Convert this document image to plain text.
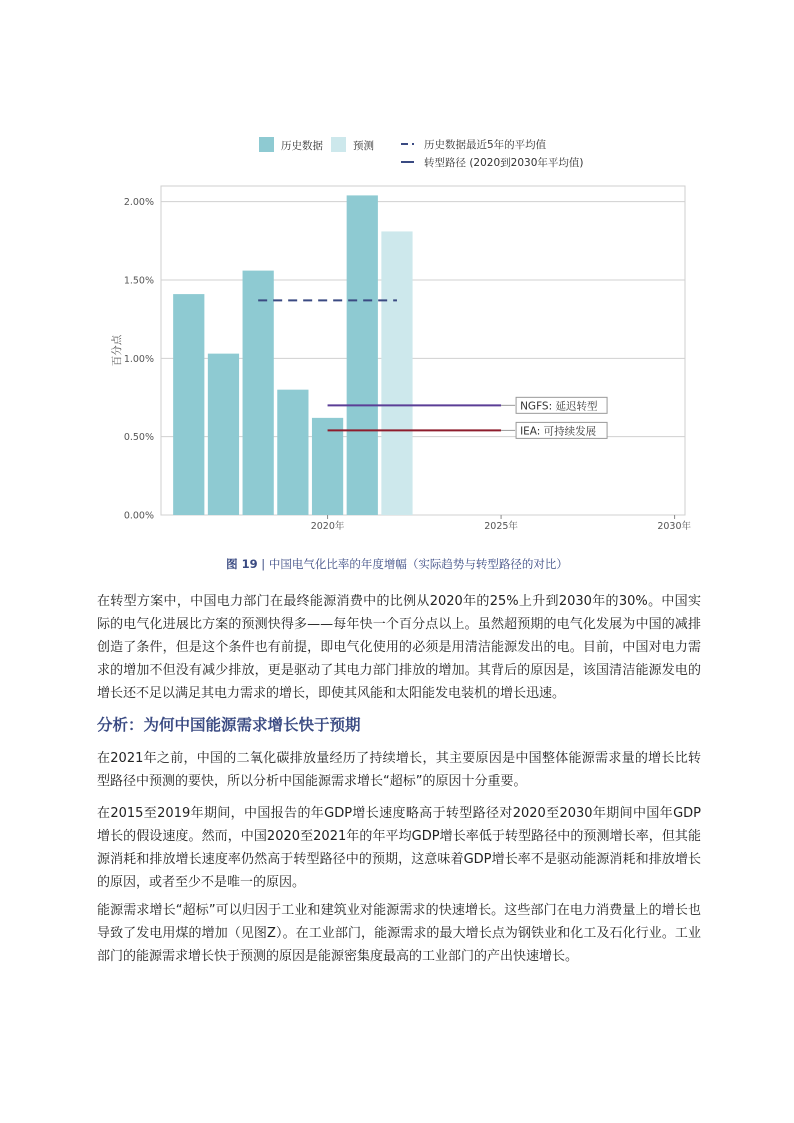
历史数据	预测	历史数据最近5年的平均值
转型路径 (2020到2030年平均值)
NGFS: 延迟转型
IEA: 可持续发展
0.00%
0.50%
1.00%
1.50%
2.00%
2020年	2025年	2030年
百分点
图 19 | 中国电气化比率的年度增幅（实际趋势与转型路径的对比）

在转型方案中，中国电力部门在最终能源消费中的比例从2020年的25%上升到2030年的30%。中国实际的电气化进展比方案的预测快得多——每年快一个百分点以上。虽然超预期的电气化发展为中国的减排创造了条件，但是这个条件也有前提，即电气化使用的必须是用清洁能源发出的电。目前，中国对电力需求的增加不但没有减少排放，更是驱动了其电力部门排放的增加。其背后的原因是，该国清洁能源发电的增长还不足以满足其电力需求的增长，即使其风能和太阳能发电装机的增长迅速。

分析：为何中国能源需求增长快于预期

在2021年之前，中国的二氧化碳排放量经历了持续增长，其主要原因是中国整体能源需求量的增长比转型路径中预测的要快，所以分析中国能源需求增长“超标”的原因十分重要。

在2015至2019年期间，中国报告的年GDP增长速度略高于转型路径对2020至2030年期间中国年GDP增长的假设速度。然而，中国2020至2021年的年平均GDP增长率低于转型路径中的预测增长率，但其能源消耗和排放增长速度率仍然高于转型路径中的预期，这意味着GDP增长率不是驱动能源消耗和排放增长的原因，或者至少不是唯一的原因。

能源需求增长“超标”可以归因于工业和建筑业对能源需求的快速增长。这些部门在电力消费量上的增长也导致了发电用煤的增加（见图Z）。在工业部门，能源需求的最大增长点为钢铁业和化工及石化行业。工业部门的能源需求增长快于预测的原因是能源密集度最高的工业部门的产出快速增长。
